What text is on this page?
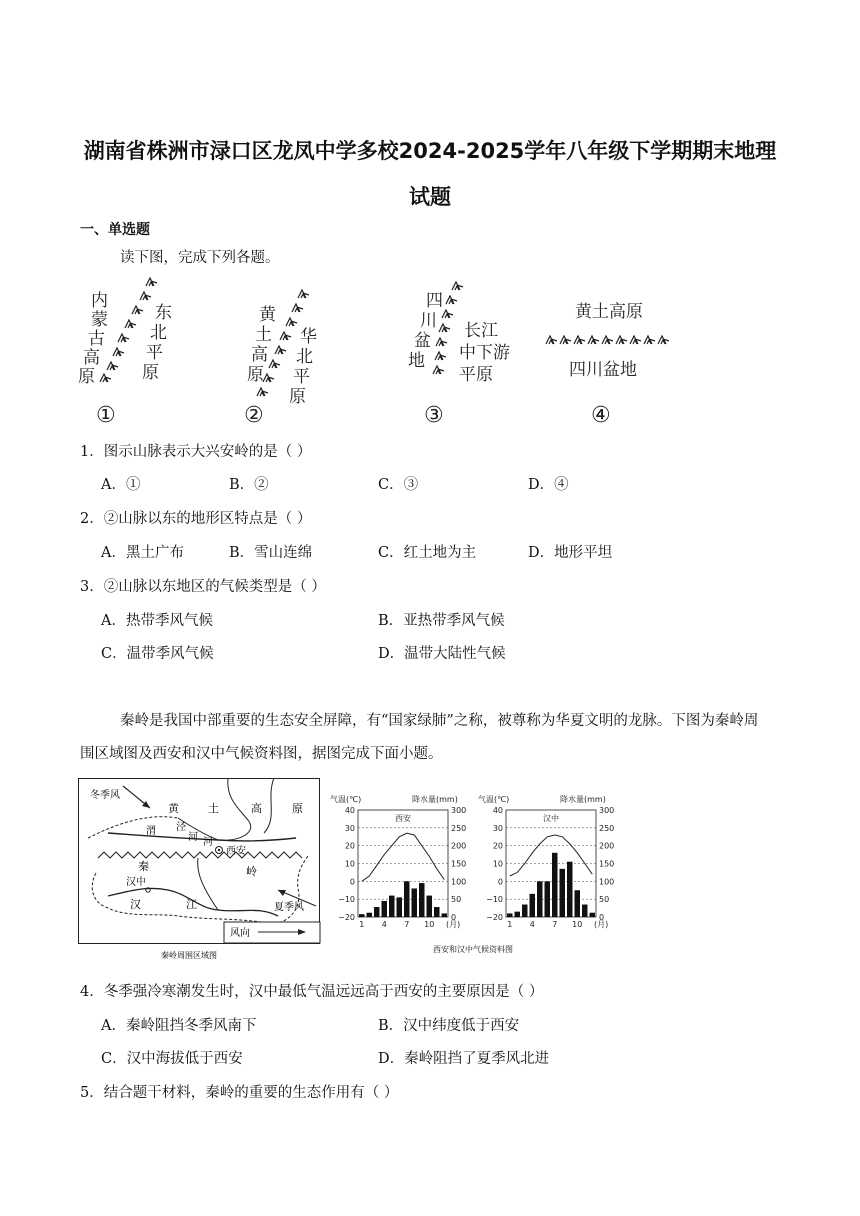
湖南省株洲市渌口区龙凤中学多校2024-2025学年八年级下学期期末地理
试题
一、单选题
读下图，完成下列各题。
内
蒙
古
高
原
东
北
平
原
①
黄
土
高
原
华
北
平
原
②
四
川
盆
地
长江
中下游
平原
③
黄土高原
四川盆地
④
1．图示山脉表示大兴安岭的是（ ）
A．①	B．②	C．③	D．④
2．②山脉以东的地形区特点是（ ）
A．黑土广布	B．雪山连绵	C．红土地为主	D．地形平坦
3．②山脉以东地区的气候类型是（ ）
A．热带季风气候	B．亚热带季风气候
C．温带季风气候	D．温带大陆性气候
秦岭是我国中部重要的生态安全屏障，有“国家绿肺”之称，被尊称为华夏文明的龙脉。下图为秦岭周
围区域图及西安和汉中气候资料图，据图完成下面小题。
冬季风
黄	土	高	原
泾
河 河
渭
西安
秦	岭
汉中
汉	江	夏季风
风向
秦岭周围区域图
气温(℃)	降水量(mm)
40
30
20
10
0
−10
−20
300
250
200
150
100
50
0
西安
1 4 7 10 (月)
气温(℃)	降水量(mm)
40
30
20
10
0
−10
−20
300
250
200
150
100
50
0
汉中
1 4 7 10 (月)
西安和汉中气候资料图
4．冬季强冷寒潮发生时，汉中最低气温远远高于西安的主要原因是（ ）
A．秦岭阻挡冬季风南下	B．汉中纬度低于西安
C．汉中海拔低于西安	D．秦岭阻挡了夏季风北进
5．结合题干材料，秦岭的重要的生态作用有（ ）
